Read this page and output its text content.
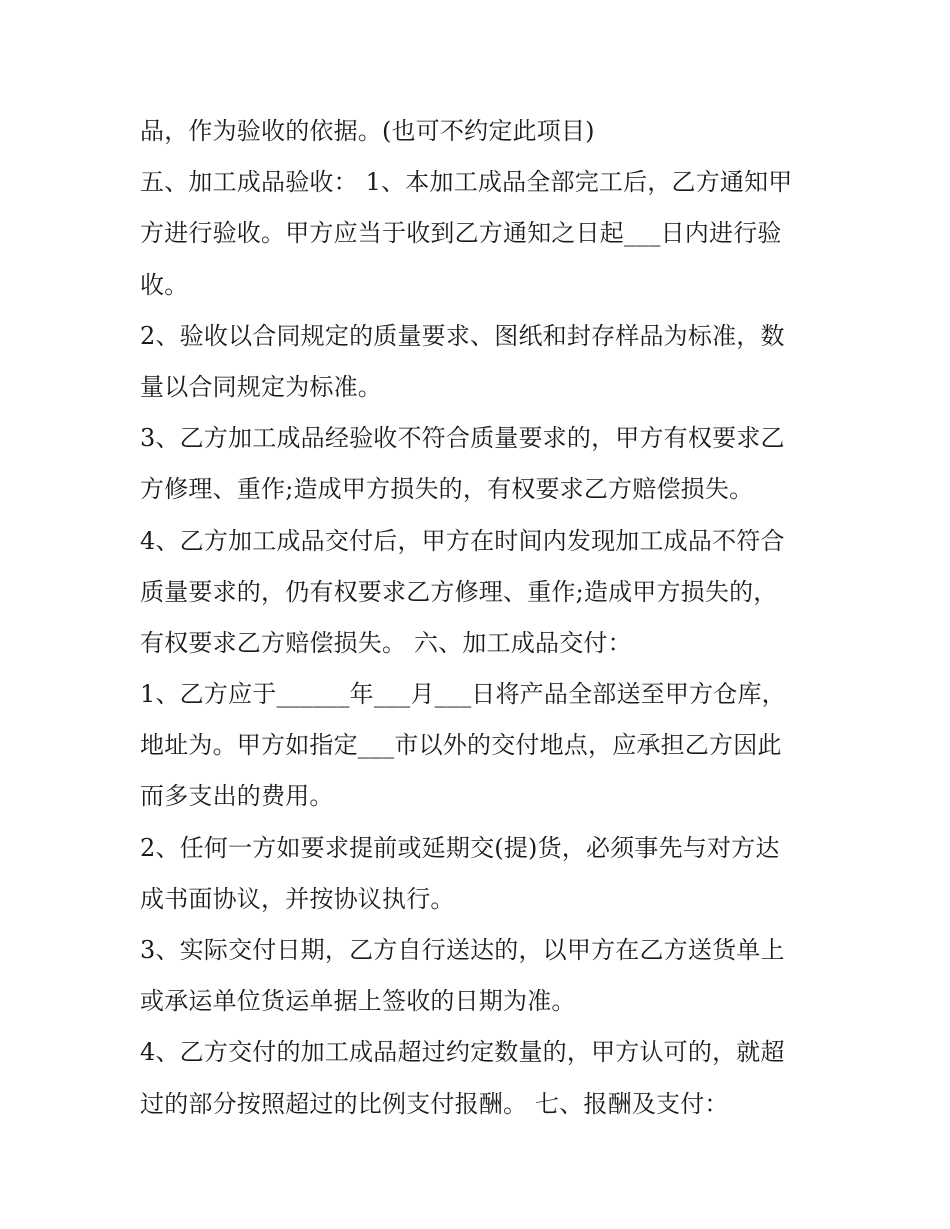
品，作为验收的依据。(也可不约定此项目)
五、加工成品验收： 1、本加工成品全部完工后，乙方通知甲
方进行验收。甲方应当于收到乙方通知之日起___日内进行验
收。
2、验收以合同规定的质量要求、图纸和封存样品为标准，数
量以合同规定为标准。
3、乙方加工成品经验收不符合质量要求的，甲方有权要求乙
方修理、重作;造成甲方损失的，有权要求乙方赔偿损失。
4、乙方加工成品交付后，甲方在时间内发现加工成品不符合
质量要求的，仍有权要求乙方修理、重作;造成甲方损失的，
有权要求乙方赔偿损失。 六、加工成品交付：
1、乙方应于______年___月___日将产品全部送至甲方仓库，
地址为。甲方如指定___市以外的交付地点，应承担乙方因此
而多支出的费用。
2、任何一方如要求提前或延期交(提)货，必须事先与对方达
成书面协议，并按协议执行。
3、实际交付日期，乙方自行送达的，以甲方在乙方送货单上
或承运单位货运单据上签收的日期为准。
4、乙方交付的加工成品超过约定数量的，甲方认可的，就超
过的部分按照超过的比例支付报酬。 七、报酬及支付：
